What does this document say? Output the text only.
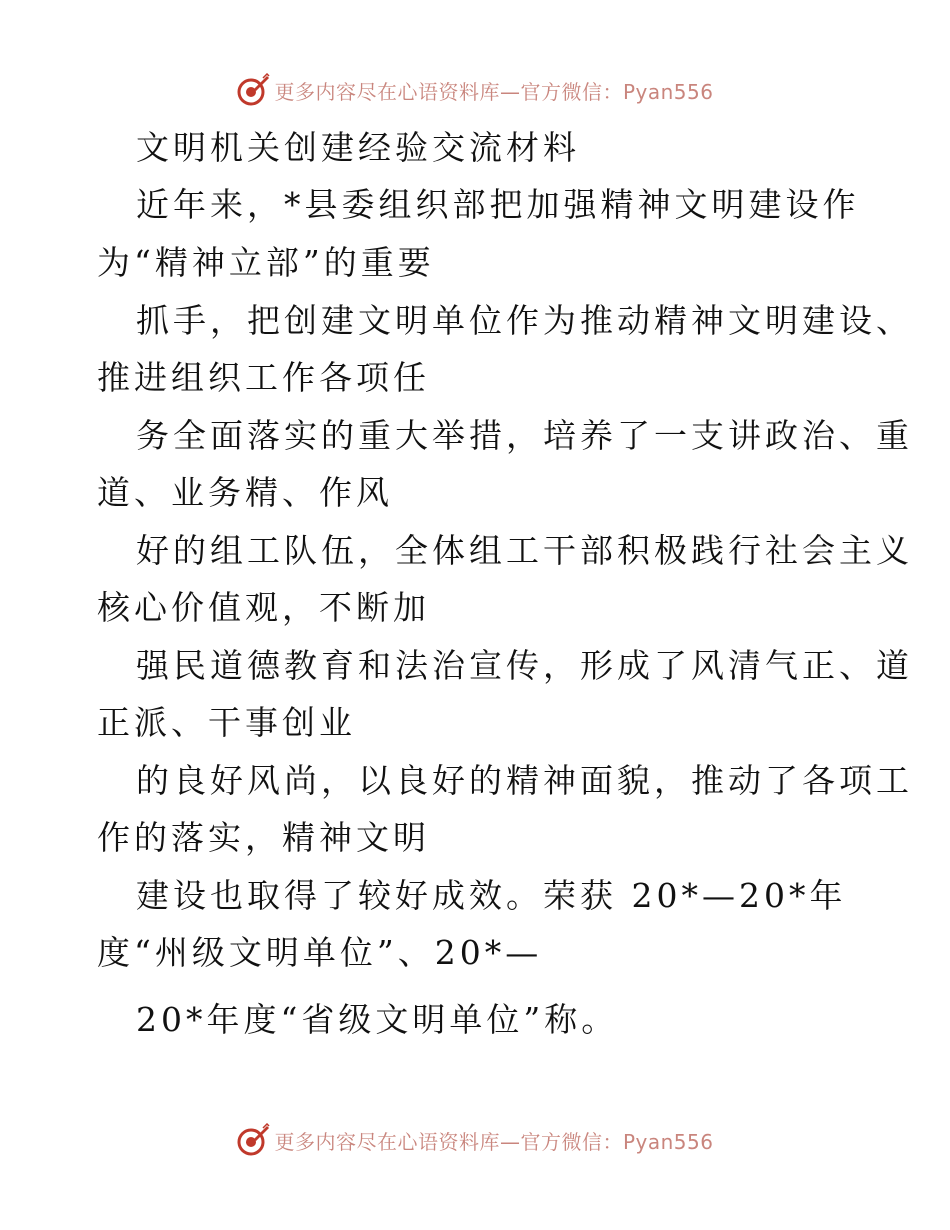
更多内容尽在心语资料库—官方微信：Pyan556
文明机关创建经验交流材料
近年来，*县委组织部把加强精神文明建设作
为“精神立部”的重要
抓手，把创建文明单位作为推动精神文明建设、
推进组织工作各项任
务全面落实的重大举措，培养了一支讲政治、重
道、业务精、作风
好的组工队伍，全体组工干部积极践行社会主义
核心价值观，不断加
强民道德教育和法治宣传，形成了风清气正、道
正派、干事创业
的良好风尚，以良好的精神面貌，推动了各项工
作的落实，精神文明
建设也取得了较好成效。荣获 20*—20*年
度“州级文明单位”、20*—
20*年度“省级文明单位”称。
更多内容尽在心语资料库—官方微信：Pyan556
